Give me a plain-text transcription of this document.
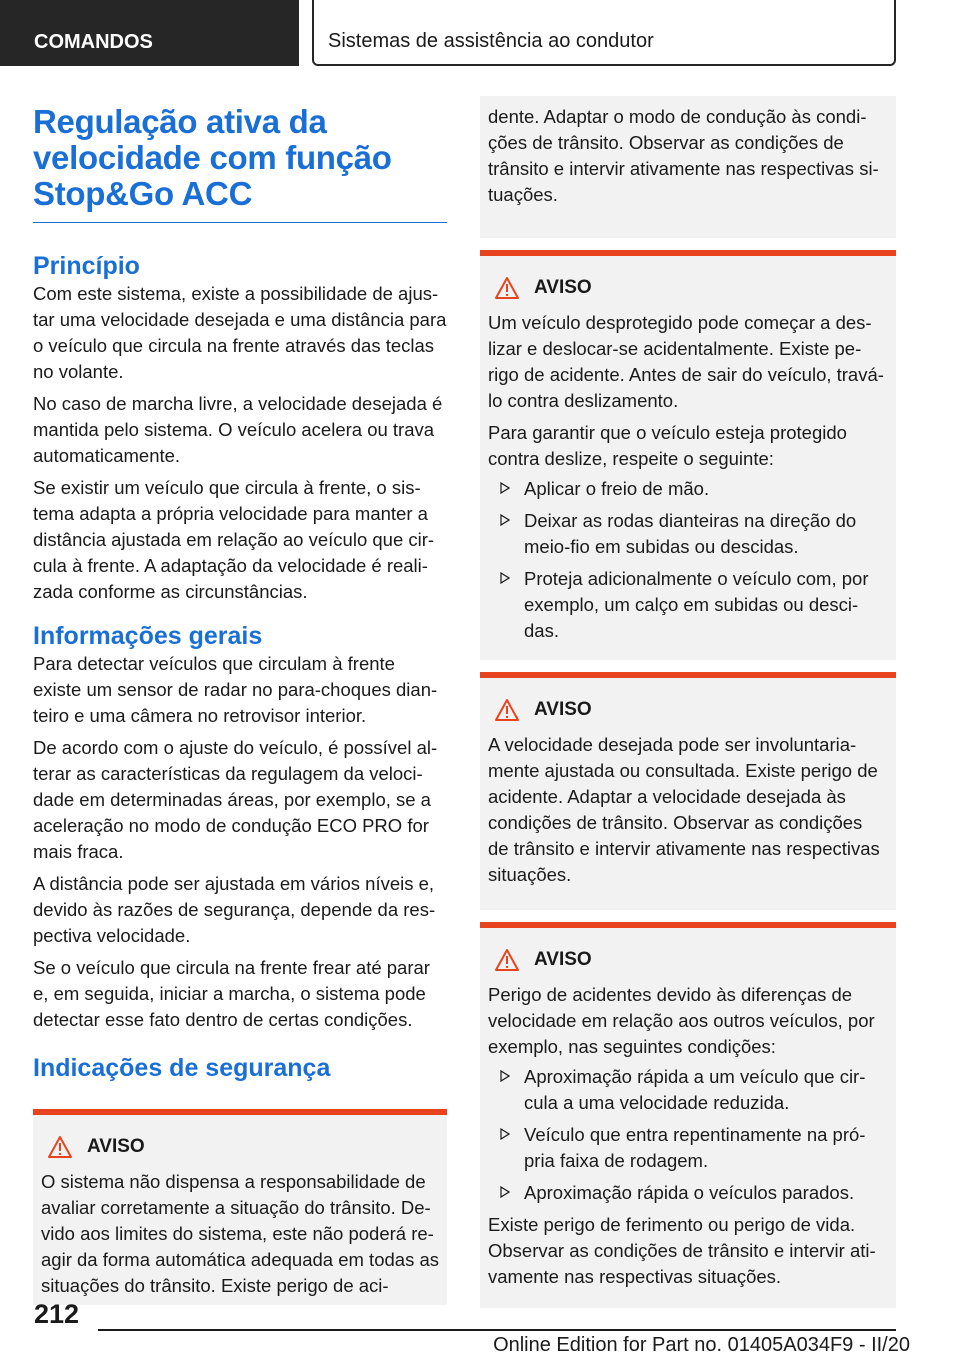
COMANDOS	Sistemas de assistência ao condutor
Regulação ativa da velocidade com função Stop&Go ACC
Princípio

Com este sistema, existe a possibilidade de ajus-tar uma velocidade desejada e uma distância para o veículo que circula na frente através das teclas no volante.

No caso de marcha livre, a velocidade desejada é mantida pelo sistema. O veículo acelera ou trava automaticamente.

Se existir um veículo que circula à frente, o sis-tema adapta a própria velocidade para manter a distância ajustada em relação ao veículo que cir-cula à frente. A adaptação da velocidade é reali-zada conforme as circunstâncias.

Informações gerais

Para detectar veículos que circulam à frente existe um sensor de radar no para-choques dian-teiro e uma câmera no retrovisor interior.

De acordo com o ajuste do veículo, é possível al-terar as características da regulagem da veloci-dade em determinadas áreas, por exemplo, se a aceleração no modo de condução ECO PRO for mais fraca.

A distância pode ser ajustada em vários níveis e, devido às razões de segurança, depende da res-pectiva velocidade.

Se o veículo que circula na frente frear até parar e, em seguida, iniciar a marcha, o sistema pode detectar esse fato dentro de certas condições.

Indicações de segurança
AVISO

O sistema não dispensa a responsabilidade de avaliar corretamente a situação do trânsito. De-vido aos limites do sistema, este não poderá re-agir da forma automática adequada em todas as situações do trânsito. Existe perigo de aci-

dente. Adaptar o modo de condução às condi-ções de trânsito. Observar as condições de trânsito e intervir ativamente nas respectivas si-tuações.

AVISO

Um veículo desprotegido pode começar a des-lizar e deslocar-se acidentalmente. Existe pe-rigo de acidente. Antes de sair do veículo, travá-lo contra deslizamento.

Para garantir que o veículo esteja protegido contra deslize, respeite o seguinte:

Aplicar o freio de mão.
Deixar as rodas dianteiras na direção do meio-fio em subidas ou descidas.
Proteja adicionalmente o veículo com, por exemplo, um calço em subidas ou desci-das.
AVISO

A velocidade desejada pode ser involuntaria-mente ajustada ou consultada. Existe perigo de acidente. Adaptar a velocidade desejada às condições de trânsito. Observar as condições de trânsito e intervir ativamente nas respectivas situações.

AVISO

Perigo de acidentes devido às diferenças de velocidade em relação aos outros veículos, por exemplo, nas seguintes condições:

Aproximação rápida a um veículo que cir-cula a uma velocidade reduzida.
Veículo que entra repentinamente na pró-pria faixa de rodagem.
Aproximação rápida o veículos parados.

Existe perigo de ferimento ou perigo de vida. Observar as condições de trânsito e intervir ati-vamente nas respectivas situações.

212
Online Edition for Part no. 01405A034F9 - II/20
